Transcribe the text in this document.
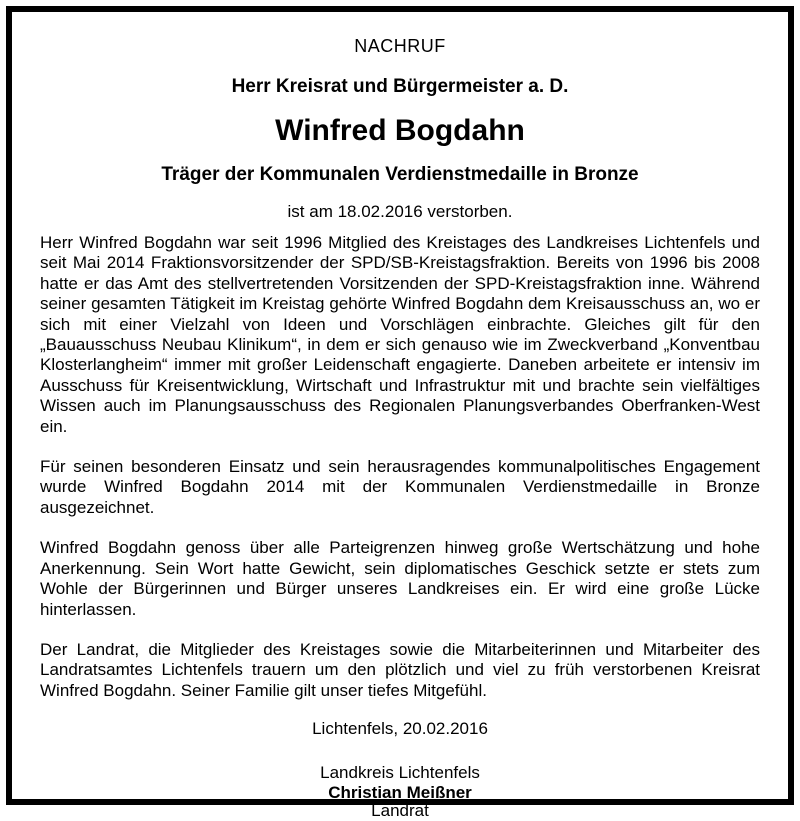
NACHRUF

Herr Kreisrat und Bürgermeister a. D.

Winfred Bogdahn

Träger der Kommunalen Verdienstmedaille in Bronze

ist am 18.02.2016 verstorben.

Herr Winfred Bogdahn war seit 1996 Mitglied des Kreistages des Landkreises Lichtenfels und seit Mai 2014 Fraktionsvorsitzender der SPD/SB-Kreistagsfraktion. Bereits von 1996 bis 2008 hatte er das Amt des stellvertretenden Vorsitzenden der SPD-Kreistagsfraktion inne. Während seiner gesamten Tätigkeit im Kreistag gehörte Winfred Bogdahn dem Kreisausschuss an, wo er sich mit einer Vielzahl von Ideen und Vorschlägen einbrachte. Gleiches gilt für den „Bauausschuss Neubau Klinikum“, in dem er sich genauso wie im Zweckverband „Konventbau Klosterlangheim“ immer mit großer Leidenschaft engagierte. Daneben arbeitete er intensiv im Ausschuss für Kreisentwicklung, Wirtschaft und Infrastruktur mit und brachte sein vielfältiges Wissen auch im Planungsausschuss des Regionalen Planungsverbandes Oberfranken-West ein.

Für seinen besonderen Einsatz und sein herausragendes kommunalpolitisches Engagement wurde Winfred Bogdahn 2014 mit der Kommunalen Verdienstmedaille in Bronze ausgezeichnet.

Winfred Bogdahn genoss über alle Parteigrenzen hinweg große Wertschätzung und hohe Anerkennung. Sein Wort hatte Gewicht, sein diplomatisches Geschick setzte er stets zum Wohle der Bürgerinnen und Bürger unseres Landkreises ein. Er wird eine große Lücke hinterlassen.

Der Landrat, die Mitglieder des Kreistages sowie die Mitarbeiterinnen und Mitarbeiter des Landratsamtes Lichtenfels trauern um den plötzlich und viel zu früh verstorbenen Kreisrat Winfred Bogdahn. Seiner Familie gilt unser tiefes Mitgefühl.

Lichtenfels, 20.02.2016

Landkreis Lichtenfels

Christian Meißner

Landrat
